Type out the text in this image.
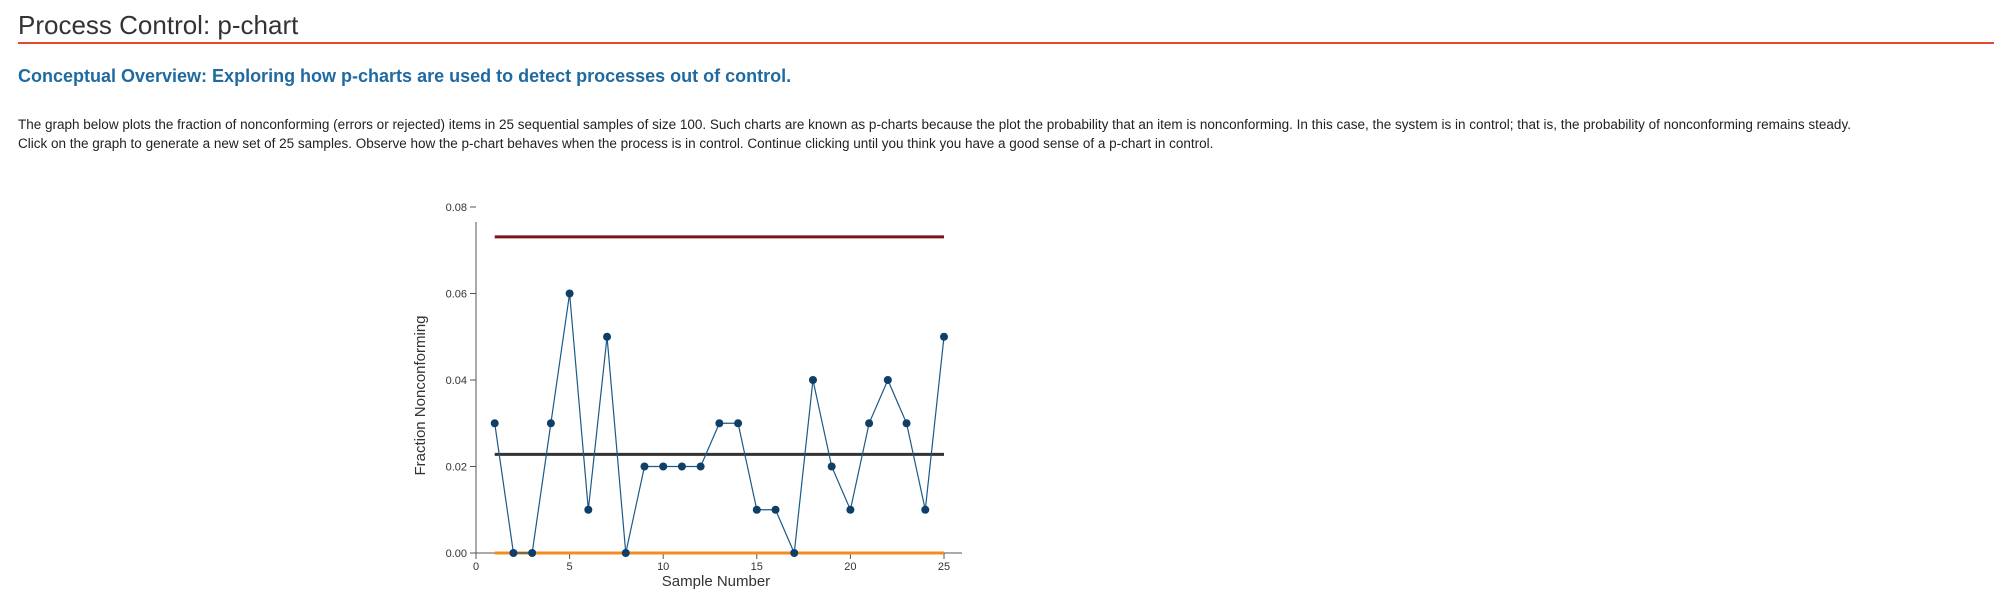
Process Control: p-chart
Conceptual Overview: Exploring how p-charts are used to detect processes out of control.
The graph below plots the fraction of nonconforming (errors or rejected) items in 25 sequential samples of size 100. Such charts are known as p-charts because the plot the probability that an item is nonconforming. In this case, the system is in control; that is, the probability of nonconforming remains steady.
Click on the graph to generate a new set of 25 samples. Observe how the p-chart behaves when the process is in control. Continue clicking until you think you have a good sense of a p-chart in control.
0.00
0.02
0.04
0.06
0.08
0	5	10	15	20	25
Sample Number
Fraction Nonconforming
